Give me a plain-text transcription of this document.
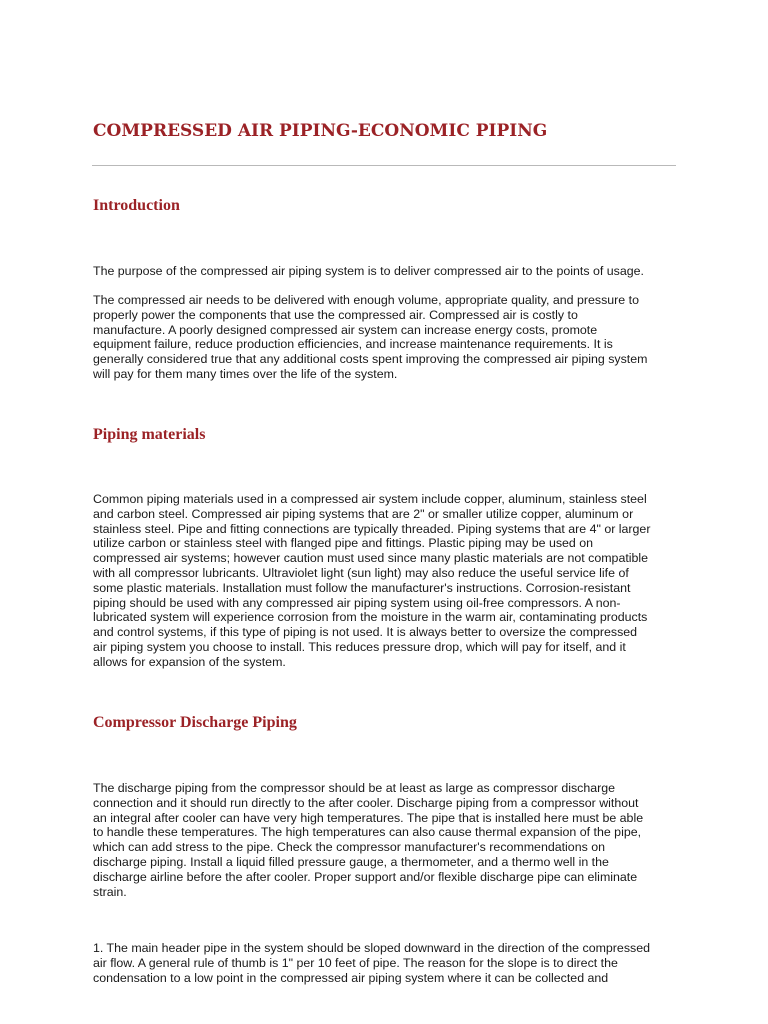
COMPRESSED AIR PIPING-ECONOMIC PIPING
Introduction

The purpose of the compressed air piping system is to deliver compressed air to the points of usage.

The compressed air needs to be delivered with enough volume, appropriate quality, and pressure to
properly power the components that use the compressed air. Compressed air is costly to
manufacture. A poorly designed compressed air system can increase energy costs, promote
equipment failure, reduce production efficiencies, and increase maintenance requirements. It is
generally considered true that any additional costs spent improving the compressed air piping system
will pay for them many times over the life of the system.

Piping materials

Common piping materials used in a compressed air system include copper, aluminum, stainless steel
and carbon steel. Compressed air piping systems that are 2" or smaller utilize copper, aluminum or
stainless steel. Pipe and fitting connections are typically threaded. Piping systems that are 4" or larger
utilize carbon or stainless steel with flanged pipe and fittings. Plastic piping may be used on
compressed air systems; however caution must used since many plastic materials are not compatible
with all compressor lubricants. Ultraviolet light (sun light) may also reduce the useful service life of
some plastic materials. Installation must follow the manufacturer's instructions. Corrosion-resistant
piping should be used with any compressed air piping system using oil-free compressors. A non-
lubricated system will experience corrosion from the moisture in the warm air, contaminating products
and control systems, if this type of piping is not used. It is always better to oversize the compressed
air piping system you choose to install. This reduces pressure drop, which will pay for itself, and it
allows for expansion of the system.

Compressor Discharge Piping

The discharge piping from the compressor should be at least as large as compressor discharge
connection and it should run directly to the after cooler. Discharge piping from a compressor without
an integral after cooler can have very high temperatures. The pipe that is installed here must be able
to handle these temperatures. The high temperatures can also cause thermal expansion of the pipe,
which can add stress to the pipe. Check the compressor manufacturer's recommendations on
discharge piping. Install a liquid filled pressure gauge, a thermometer, and a thermo well in the
discharge airline before the after cooler. Proper support and/or flexible discharge pipe can eliminate
strain.

1. The main header pipe in the system should be sloped downward in the direction of the compressed
air flow. A general rule of thumb is 1" per 10 feet of pipe. The reason for the slope is to direct the
condensation to a low point in the compressed air piping system where it can be collected and
